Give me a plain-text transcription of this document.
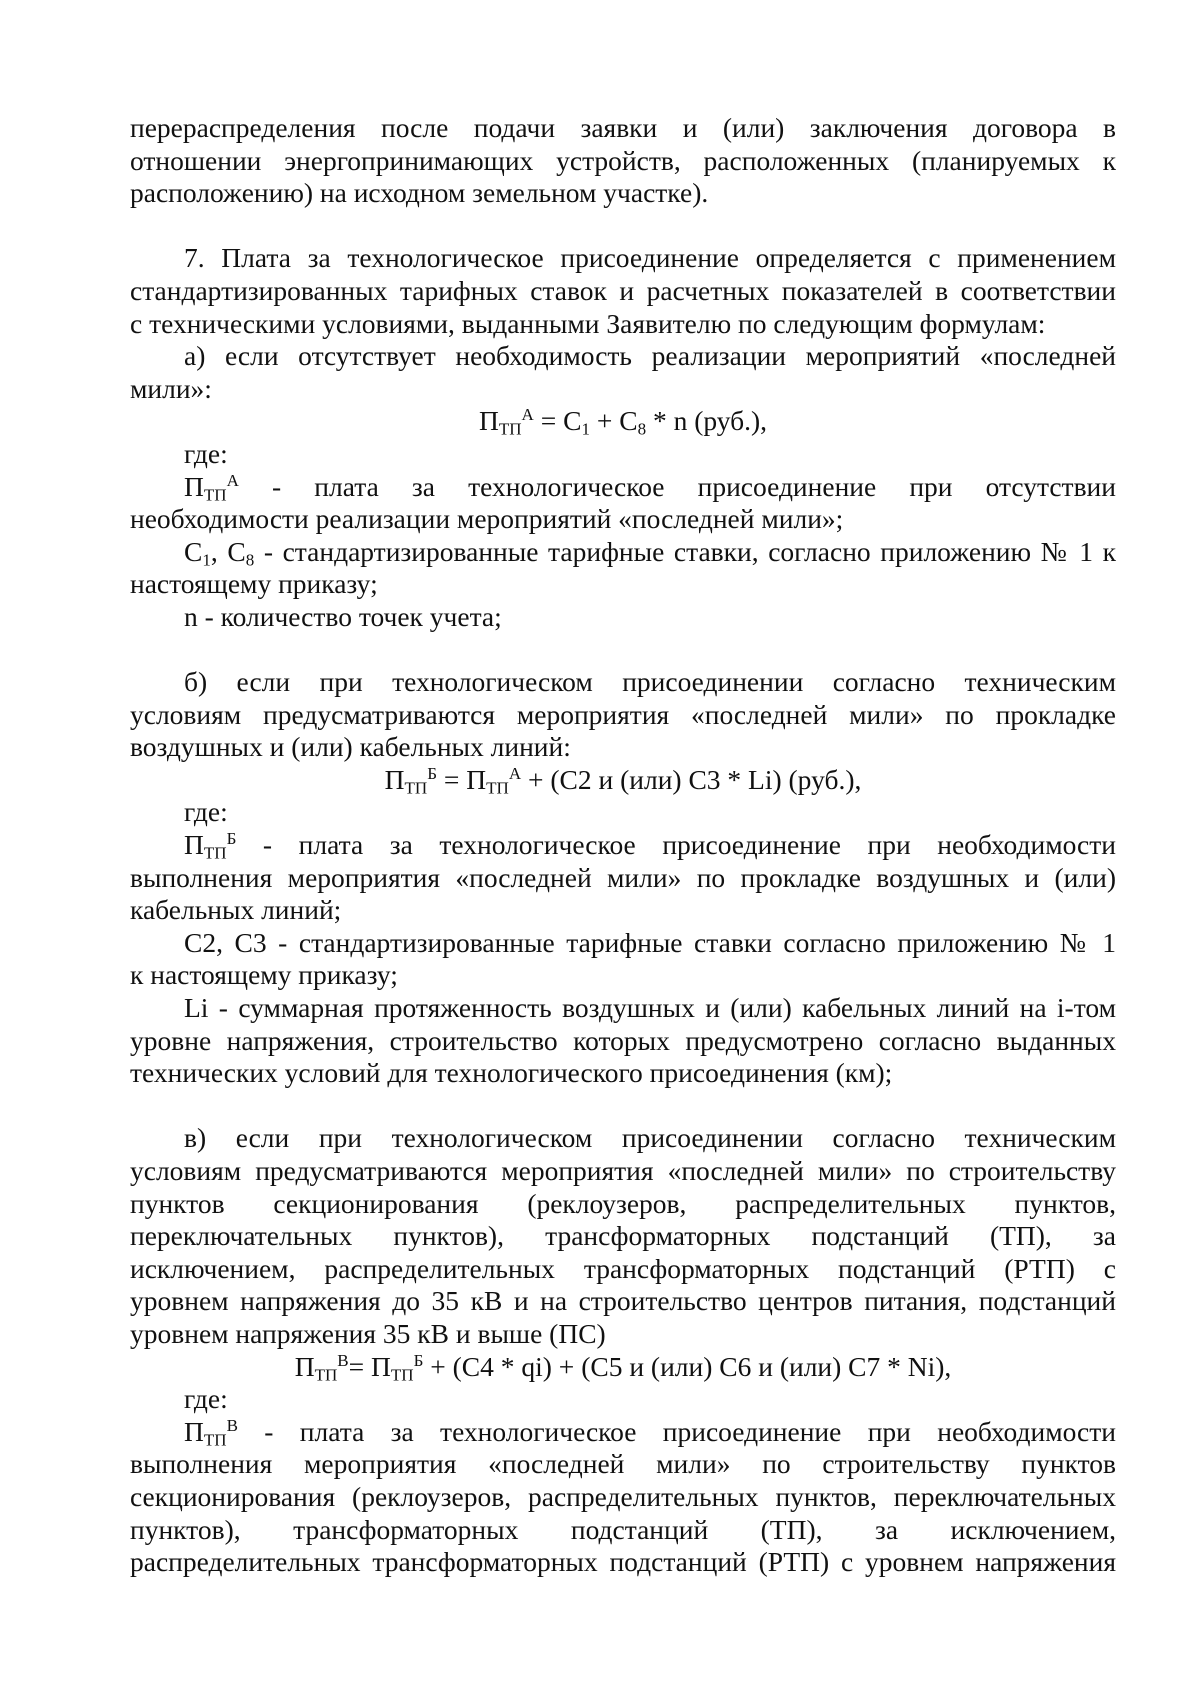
перераспределения после подачи заявки и (или) заключения договора в

отношении энергопринимающих устройств, расположенных (планируемых к

расположению) на исходном земельном участке).

7. Плата за технологическое присоединение определяется с применением

стандартизированных тарифных ставок и расчетных показателей в соответствии

с техническими условиями, выданными Заявителю по следующим формулам:

а) если отсутствует необходимость реализации мероприятий «последней

мили»:

$П_{ТП}^А = С_1 + С_8 * n$ (руб.),

где:

$П_{ТП}^А$ - плата за технологическое присоединение при отсутствии

необходимости реализации мероприятий «последней мили»;

$С_1$, $С_8$ - стандартизированные тарифные ставки, согласно приложению № 1 к

настоящему приказу;

n - количество точек учета;

б) если при технологическом присоединении согласно техническим

условиям предусматриваются мероприятия «последней мили» по прокладке

воздушных и (или) кабельных линий:

$П_{ТП}^Б = П_{ТП}^А + (С2$ и (или) С3 * Li) (руб.),

где:

$П_{ТП}^Б$ - плата за технологическое присоединение при необходимости

выполнения мероприятия «последней мили» по прокладке воздушных и (или)

кабельных линий;

С2, С3 - стандартизированные тарифные ставки согласно приложению № 1

к настоящему приказу;

Li - суммарная протяженность воздушных и (или) кабельных линий на i-том

уровне напряжения, строительство которых предусмотрено согласно выданных

технических условий для технологического присоединения (км);

в) если при технологическом присоединении согласно техническим

условиям предусматриваются мероприятия «последней мили» по строительству

пунктов секционирования (реклоузеров, распределительных пунктов,

переключательных пунктов), трансформаторных подстанций (ТП), за

исключением, распределительных трансформаторных подстанций (РТП) с

уровнем напряжения до 35 кВ и на строительство центров питания, подстанций

уровнем напряжения 35 кВ и выше (ПС)

$П_{ТП}^В= П_{ТП}^Б + (С4 * qi) + (С5$ и (или) С6 и (или) С7 * Ni),

где:

$П_{ТП}^В$ - плата за технологическое присоединение при необходимости

выполнения мероприятия «последней мили» по строительству пунктов

секционирования (реклоузеров, распределительных пунктов, переключательных

пунктов), трансформаторных подстанций (ТП), за исключением,

распределительных трансформаторных подстанций (РТП) с уровнем напряжения
